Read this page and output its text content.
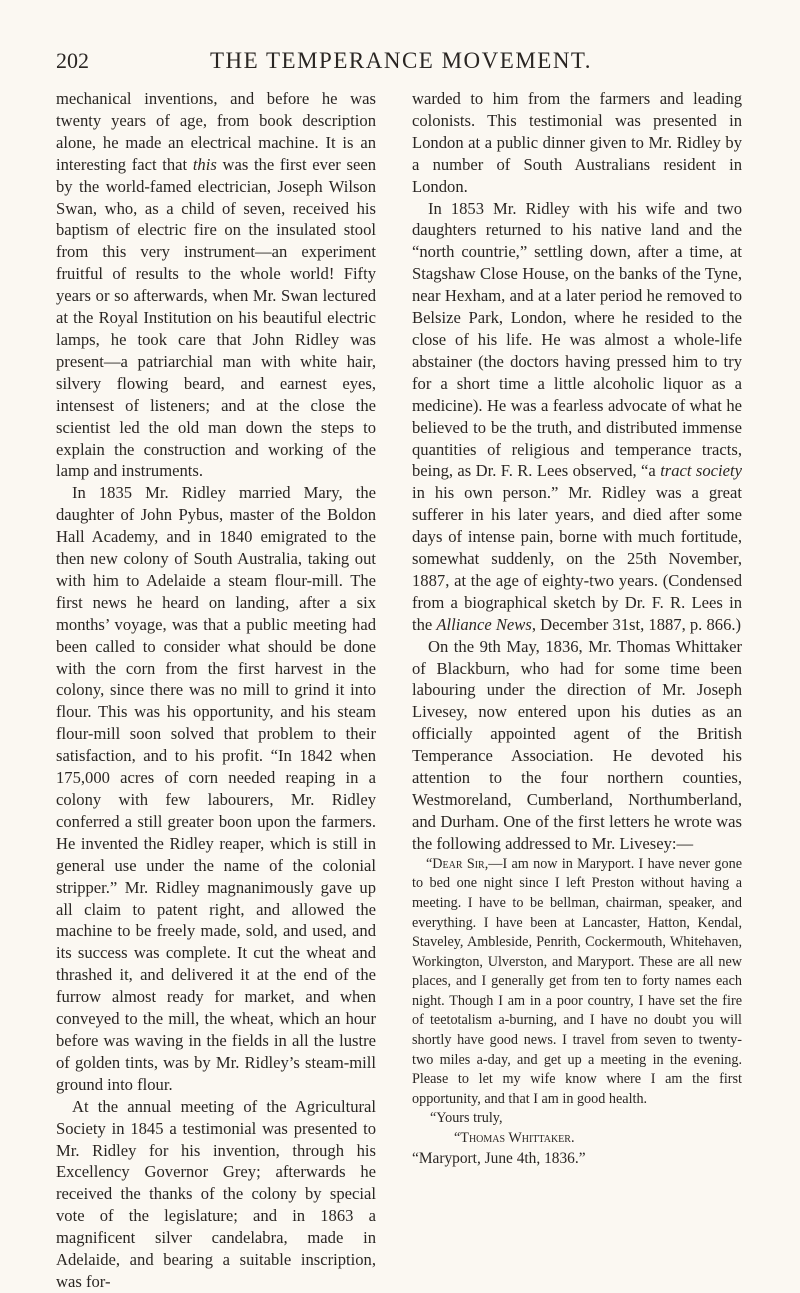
202	THE TEMPERANCE MOVEMENT.

mechanical inventions, and before he was twenty years of age, from book description alone, he made an electrical machine. It is an interesting fact that this was the first ever seen by the world-famed electrician, Joseph Wilson Swan, who, as a child of seven, received his baptism of electric fire on the insulated stool from this very instrument—an experiment fruitful of results to the whole world! Fifty years or so afterwards, when Mr. Swan lectured at the Royal Institution on his beautiful electric lamps, he took care that John Ridley was present—a patriarchial man with white hair, silvery flowing beard, and earnest eyes, intensest of listeners; and at the close the scientist led the old man down the steps to explain the construction and working of the lamp and instruments.

In 1835 Mr. Ridley married Mary, the daughter of John Pybus, master of the Boldon Hall Academy, and in 1840 emigrated to the then new colony of South Australia, taking out with him to Adelaide a steam flour-mill. The first news he heard on landing, after a six months’ voyage, was that a public meeting had been called to consider what should be done with the corn from the first harvest in the colony, since there was no mill to grind it into flour. This was his opportunity, and his steam flour-mill soon solved that problem to their satisfaction, and to his profit. “In 1842 when 175,000 acres of corn needed reaping in a colony with few labourers, Mr. Ridley conferred a still greater boon upon the farmers. He invented the Ridley reaper, which is still in general use under the name of the colonial stripper.” Mr. Ridley magnanimously gave up all claim to patent right, and allowed the machine to be freely made, sold, and used, and its success was complete. It cut the wheat and thrashed it, and delivered it at the end of the furrow almost ready for market, and when conveyed to the mill, the wheat, which an hour before was waving in the fields in all the lustre of golden tints, was by Mr. Ridley’s steam-mill ground into flour.

At the annual meeting of the Agricultural Society in 1845 a testimonial was presented to Mr. Ridley for his invention, through his Excellency Governor Grey; afterwards he received the thanks of the colony by special vote of the legislature; and in 1863 a magnificent silver candelabra, made in Adelaide, and bearing a suitable inscription, was for-

warded to him from the farmers and leading colonists. This testimonial was presented in London at a public dinner given to Mr. Ridley by a number of South Australians resident in London.

In 1853 Mr. Ridley with his wife and two daughters returned to his native land and the “north countrie,” settling down, after a time, at Stagshaw Close House, on the banks of the Tyne, near Hexham, and at a later period he removed to Belsize Park, London, where he resided to the close of his life. He was almost a whole-life abstainer (the doctors having pressed him to try for a short time a little alcoholic liquor as a medicine). He was a fearless advocate of what he believed to be the truth, and distributed immense quantities of religious and temperance tracts, being, as Dr. F. R. Lees observed, “a tract society in his own person.” Mr. Ridley was a great sufferer in his later years, and died after some days of intense pain, borne with much fortitude, somewhat suddenly, on the 25th November, 1887, at the age of eighty-two years. (Condensed from a biographical sketch by Dr. F. R. Lees in the Alliance News, December 31st, 1887, p. 866.)

On the 9th May, 1836, Mr. Thomas Whittaker of Blackburn, who had for some time been labouring under the direction of Mr. Joseph Livesey, now entered upon his duties as an officially appointed agent of the British Temperance Association. He devoted his attention to the four northern counties, Westmoreland, Cumberland, Northumberland, and Durham. One of the first letters he wrote was the following addressed to Mr. Livesey:—

“Dear Sir,—I am now in Maryport. I have never gone to bed one night since I left Preston without having a meeting. I have to be bellman, chairman, speaker, and everything. I have been at Lancaster, Hatton, Kendal, Staveley, Ambleside, Penrith, Cockermouth, Whitehaven, Workington, Ulverston, and Maryport. These are all new places, and I generally get from ten to forty names each night. Though I am in a poor country, I have set the fire of teetotalism a-burning, and I have no doubt you will shortly have good news. I travel from seven to twenty-two miles a-day, and get up a meeting in the evening. Please to let my wife know where I am the first opportunity, and that I am in good health.

“Yours truly,

“Thomas Whittaker.

“Maryport, June 4th, 1836.”
